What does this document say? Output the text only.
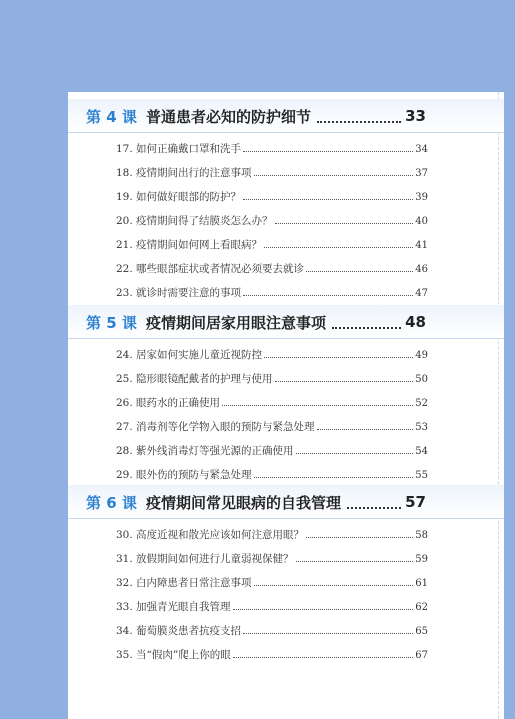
第 4 课 普通患者必知的防护细节	33
17. 如何正确戴口罩和洗手	34
18. 疫情期间出行的注意事项	37
19. 如何做好眼部的防护？	39
20. 疫情期间得了结膜炎怎么办？	40
21. 疫情期间如何网上看眼病？	41
22. 哪些眼部症状或者情况必须要去就诊	46
23. 就诊时需要注意的事项	47
第 5 课 疫情期间居家用眼注意事项	48
24. 居家如何实施儿童近视防控	49
25. 隐形眼镜配戴者的护理与使用	50
26. 眼药水的正确使用	52
27. 消毒剂等化学物入眼的预防与紧急处理	53
28. 紫外线消毒灯等强光源的正确使用	54
29. 眼外伤的预防与紧急处理	55
第 6 课 疫情期间常见眼病的自我管理	57
30. 高度近视和散光应该如何注意用眼？	58
31. 放假期间如何进行儿童弱视保健？	59
32. 白内障患者日常注意事项	61
33. 加强青光眼自我管理	62
34. 葡萄膜炎患者抗疫支招	65
35. 当“假肉”爬上你的眼	67
